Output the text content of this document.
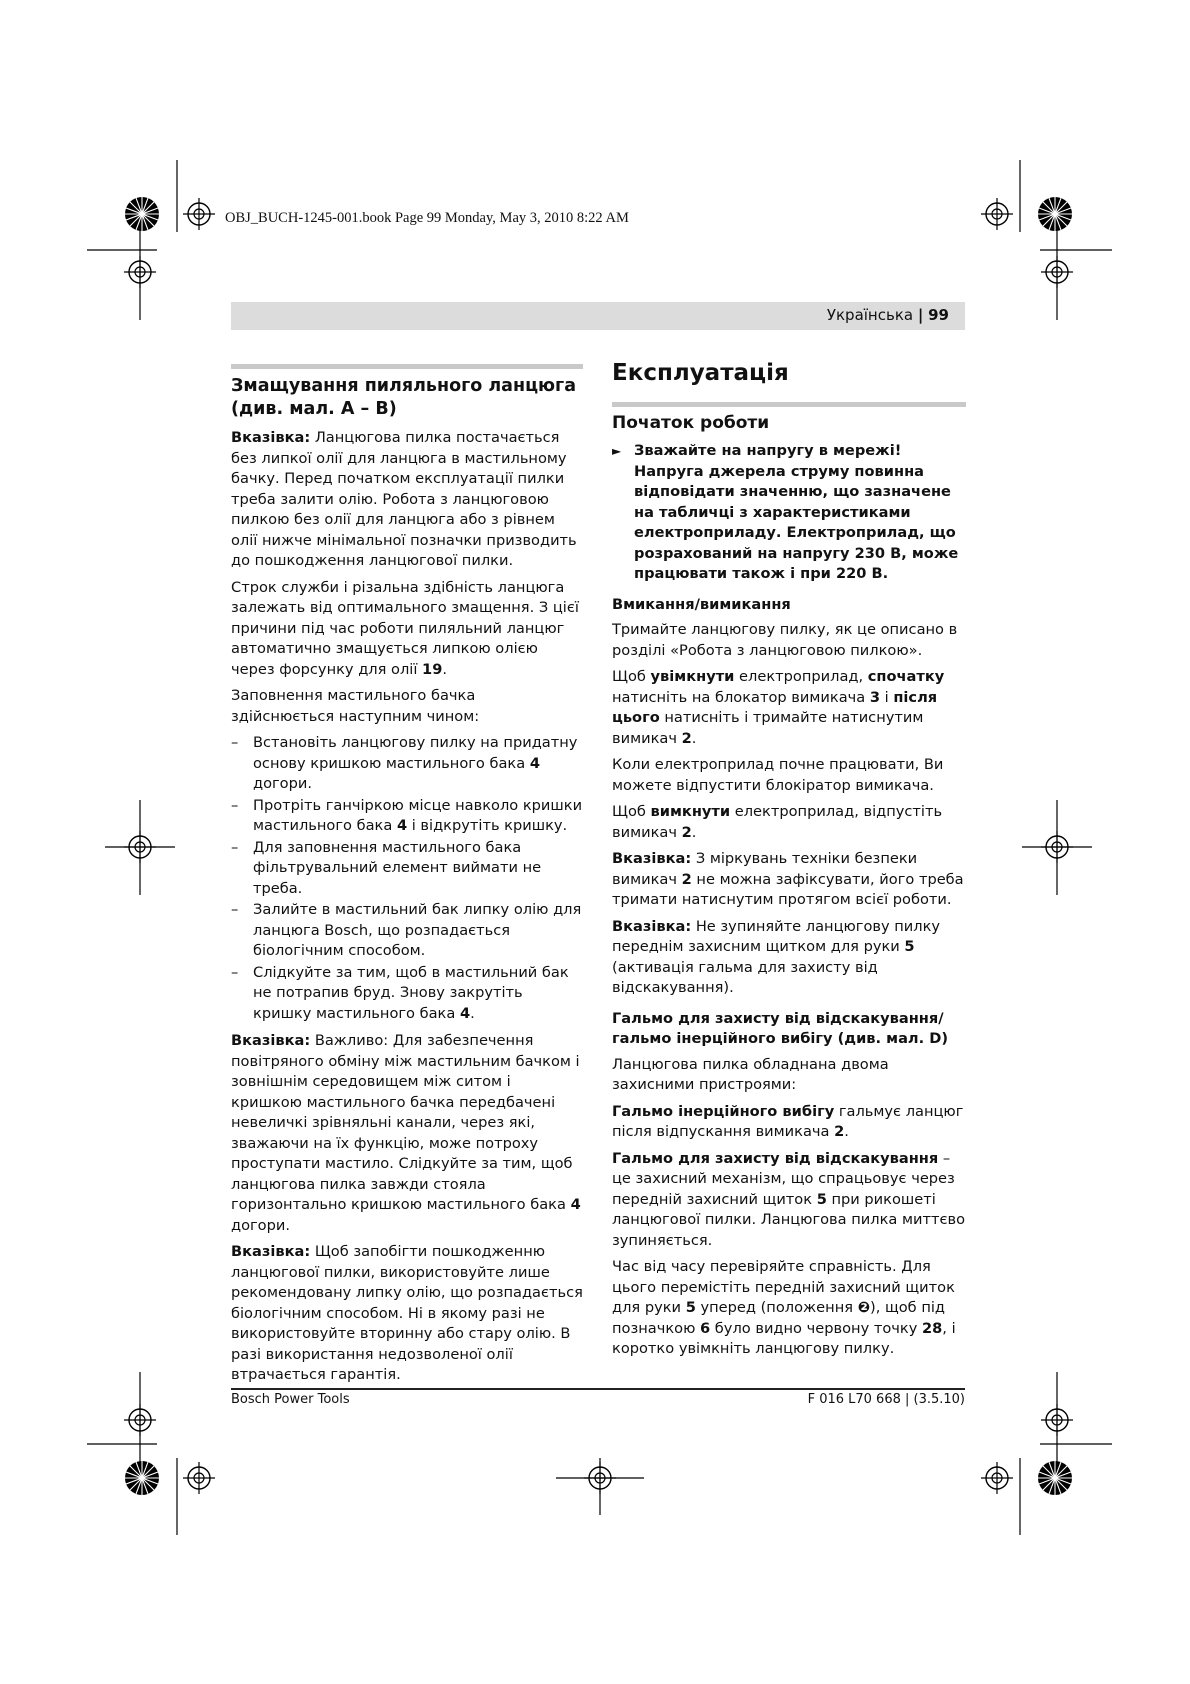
OBJ_BUCH-1245-001.book Page 99 Monday, May 3, 2010 8:22 AM
Українська | 99
Змащування пиляльного ланцюга (див. мал. A – B)

Вказівка: Ланцюгова пилка постачається без липкої олії для ланцюга в мастильному бачку. Перед початком експлуатації пилки треба залити олію. Робота з ланцюговою пилкою без олії для ланцюга або з рівнем олії нижче мінімальної позначки призводить до пошкодження ланцюгової пилки.

Строк служби і різальна здібність ланцюга залежать від оптимального змащення. З цієї причини під час роботи пиляльний ланцюг автоматично змащується липкою олією через форсунку для олії 19.

Заповнення мастильного бачка здійснюється наступним чином:

– Встановіть ланцюгову пилку на придатну основу кришкою мастильного бака 4 догори.
– Протріть ганчіркою місце навколо кришки мастильного бака 4 і відкрутіть кришку.
– Для заповнення мастильного бака фільтрувальний елемент виймати не треба.
– Залийте в мастильний бак липку олію для ланцюга Bosch, що розпадається біологічним способом.
– Слідкуйте за тим, щоб в мастильний бак не потрапив бруд. Знову закрутіть кришку мастильного бака 4.

Вказівка: Важливо: Для забезпечення повітряного обміну між мастильним бачком і зовнішнім середовищем між ситом і кришкою мастильного бачка передбачені невеличкі зрівняльні канали, через які, зважаючи на їх функцію, може потроху проступати мастило. Слідкуйте за тим, щоб ланцюгова пилка завжди стояла горизонтально кришкою мастильного бака 4 догори.

Вказівка: Щоб запобігти пошкодженню ланцюгової пилки, використовуйте лише рекомендовану липку олію, що розпадається біологічним способом. Ні в якому разі не використовуйте вторинну або стару олію. В разі використання недозволеної олії втрачається гарантія.

Експлуатація
Початок роботи
► Зважайте на напругу в мережі! Напруга джерела струму повинна відповідати значенню, що зазначене на табличці з характеристиками електроприладу. Електроприлад, що розрахований на напругу 230 В, може працювати також і при 220 В.
Вмикання/вимикання

Тримайте ланцюгову пилку, як це описано в розділі «Робота з ланцюговою пилкою».

Щоб увімкнути електроприлад, спочатку натисніть на блокатор вимикача 3 і після цього натисніть і тримайте натиснутим вимикач 2.

Коли електроприлад почне працювати, Ви можете відпустити блокіратор вимикача.

Щоб вимкнути електроприлад, відпустіть вимикач 2.

Вказівка: З міркувань техніки безпеки вимикач 2 не можна зафіксувати, його треба тримати натиснутим протягом всієї роботи.

Вказівка: Не зупиняйте ланцюгову пилку переднім захисним щитком для руки 5 (активація гальма для захисту від відскакування).

Гальмо для захисту від відскакування/ гальмо інерційного вибігу (див. мал. D)

Ланцюгова пилка обладнана двома захисними пристроями:

Гальмо інерційного вибігу гальмує ланцюг після відпускання вимикача 2.

Гальмо для захисту від відскакування – це захисний механізм, що спрацьовує через передній захисний щиток 5 при рикошеті ланцюгової пилки. Ланцюгова пилка миттєво зупиняється.

Час від часу перевіряйте справність. Для цього перемістіть передній захисний щиток для руки 5 уперед (положення ❷), щоб під позначкою 6 було видно червону точку 28, і коротко увімкніть ланцюгову пилку.

Bosch Power Tools	F 016 L70 668 | (3.5.10)
